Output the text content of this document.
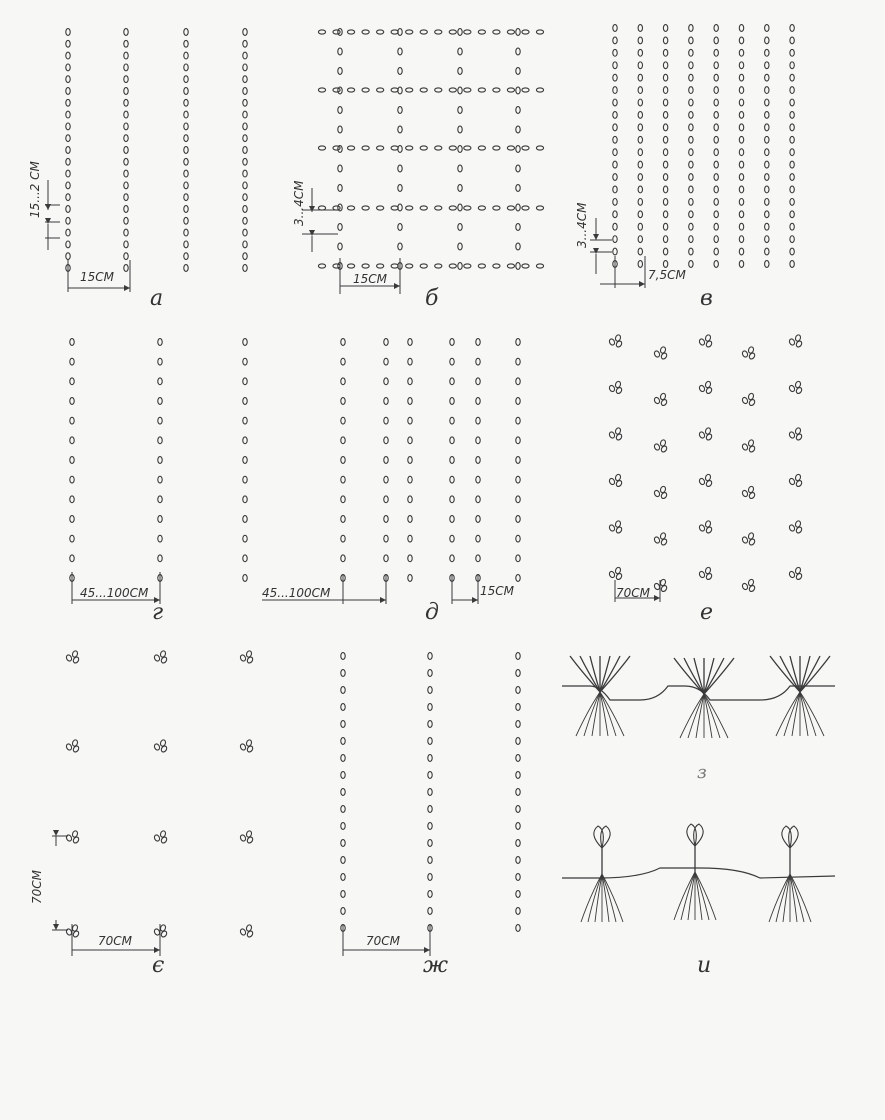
а	б	в
г	д	е
є	ж
з
и
15...2 СМ
15СМ
3...4СМ
15СМ
3...4СМ
7,5СМ
45...100СМ	45...100СМ	15СМ	70СМ
70СМ
70СМ	70СМ
